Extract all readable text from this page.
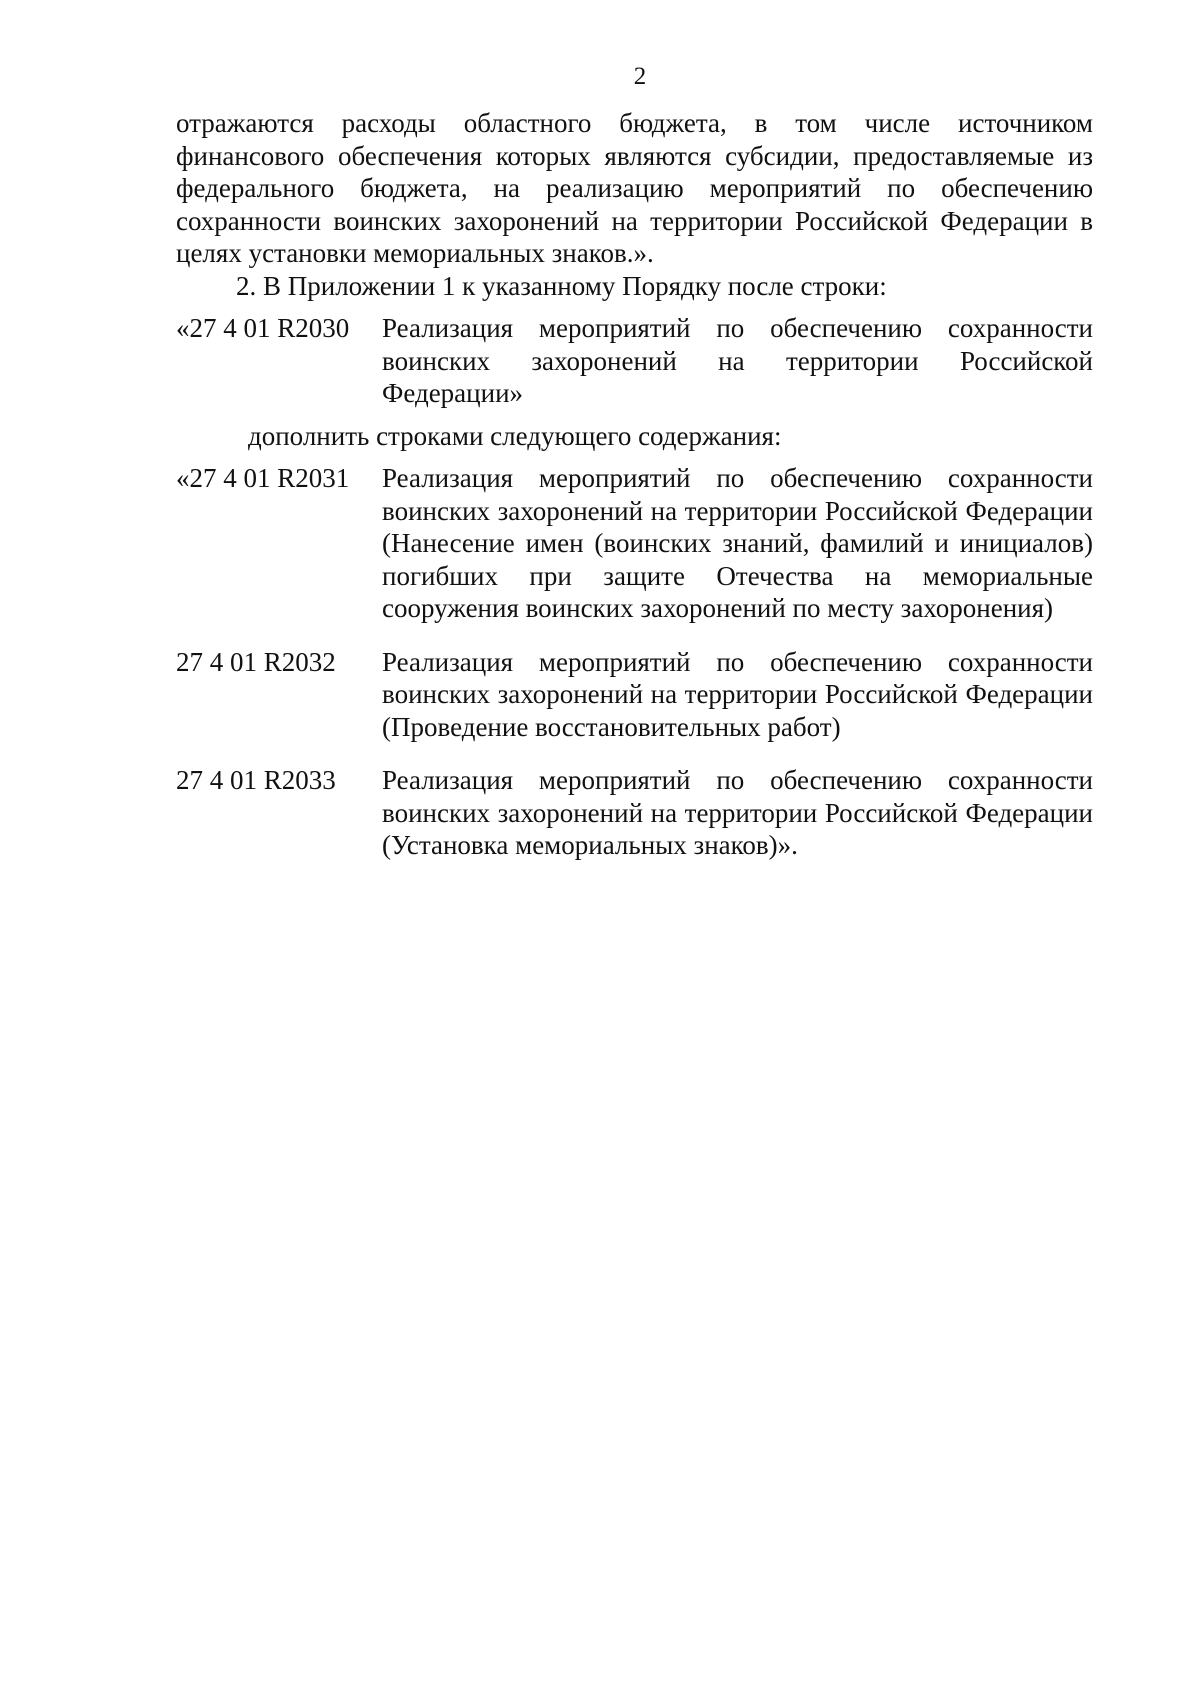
2

отражаются расходы областного бюджета, в том числе источником финансового обеспечения которых являются субсидии, предоставляемые из федерального бюджета, на реализацию мероприятий по обеспечению сохранности воинских захоронений на территории Российской Федерации в целях установки мемориальных знаков.».

2. В Приложении 1 к указанному Порядку после строки:

«27 4 01 R2030	Реализация мероприятий по обеспечению сохранности воинских захоронений на территории Российской Федерации»

дополнить строками следующего содержания:

«27 4 01 R2031	Реализация мероприятий по обеспечению сохранности воинских захоронений на территории Российской Федерации (Нанесение имен (воинских знаний, фамилий и инициалов) погибших при защите Отечества на мемориальные сооружения воинских захоронений по месту захоронения)
27 4 01 R2032	Реализация мероприятий по обеспечению сохранности воинских захоронений на территории Российской Федерации (Проведение восстановительных работ)
27 4 01 R2033	Реализация мероприятий по обеспечению сохранности воинских захоронений на территории Российской Федерации (Установка мемориальных знаков)».
